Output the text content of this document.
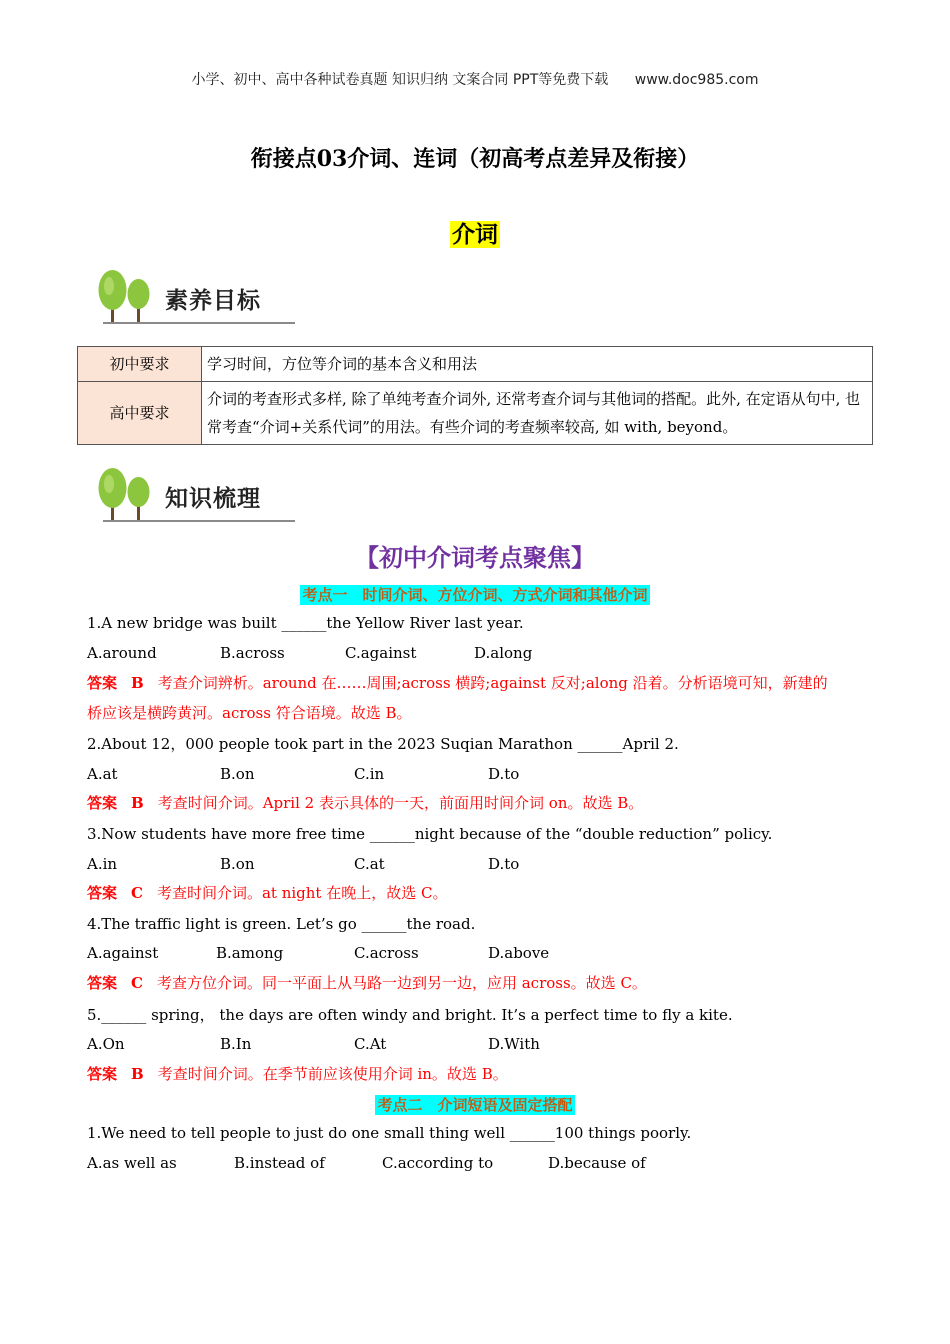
小学、初中、高中各种试卷真题 知识归纳 文案合同 PPT等免费下载 www.doc985.com
衔接点03介词、连词（初高考点差异及衔接）
介词
素养目标
初中要求	学习时间，方位等介词的基本含义和用法
高中要求	介词的考查形式多样, 除了单纯考查介词外, 还常考查介词与其他词的搭配。此外, 在定语从句中, 也常考查“介词+关系代词”的用法。有些介词的考查频率较高, 如 with, beyond。
知识梳理
【初中介词考点聚焦】
考点一　时间介词、方位介词、方式介词和其他介词
1.A new bridge was built ______the Yellow River last year.
A.around	B.across	C.against	D.along
答案 B 考查介词辨析。around 在……周围;across 横跨;against 反对;along 沿着。分析语境可知，新建的
桥应该是横跨黄河。across 符合语境。故选 B。
2.About 12，000 people took part in the 2023 Suqian Marathon ______April 2.
A.at	B.on	C.in	D.to
答案 B 考查时间介词。April 2 表示具体的一天，前面用时间介词 on。故选 B。
3.Now students have more free time ______night because of the “double reduction” policy.
A.in	B.on	C.at	D.to
答案 C 考查时间介词。at night 在晚上，故选 C。
4.The traffic light is green. Let’s go ______the road.
A.against	B.among	C.across	D.above
答案 C 考查方位介词。同一平面上从马路一边到另一边，应用 across。故选 C。
5.______ spring， the days are often windy and bright. It’s a perfect time to fly a kite.
A.On	B.In	C.At	D.With
答案 B 考查时间介词。在季节前应该使用介词 in。故选 B。
考点二　介词短语及固定搭配
1.We need to tell people to just do one small thing well ______100 things poorly.
A.as well as	B.instead of	C.according to	D.because of
